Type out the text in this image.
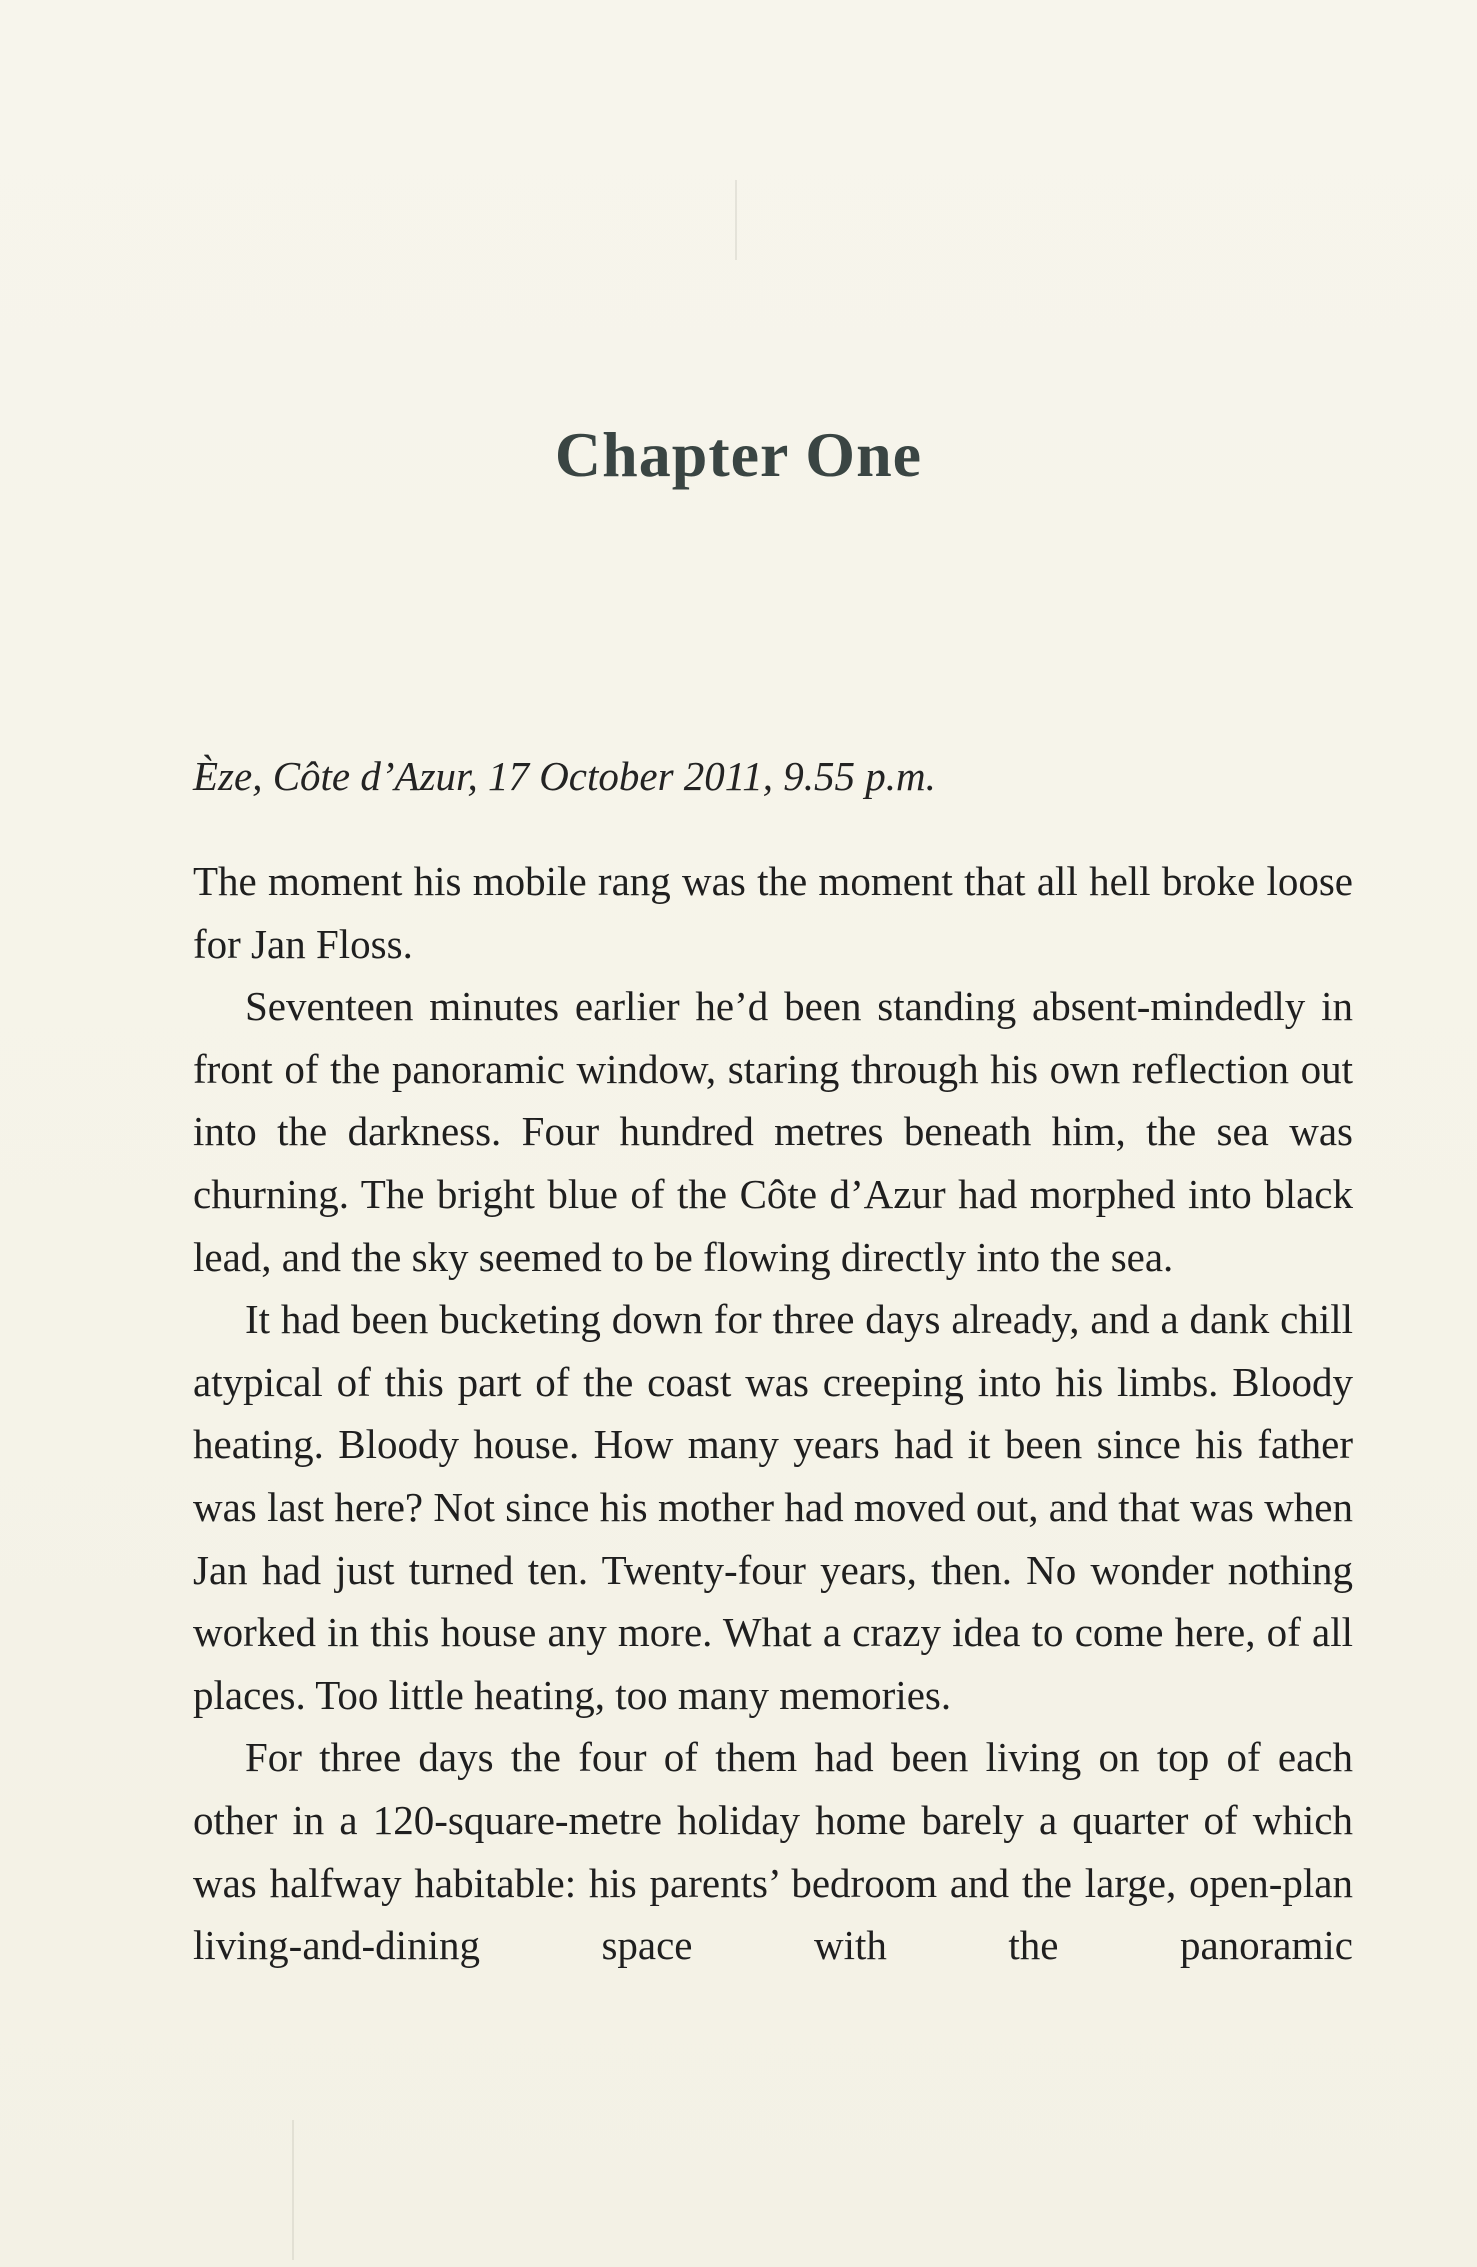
Chapter One
Èze, Côte d’Azur, 17 October 2011, 9.55 p.m.

The moment his mobile rang was the moment that all hell broke loose for Jan Floss.

Seventeen minutes earlier he’d been standing absent-mindedly in front of the panoramic window, staring through his own reflection out into the darkness. Four hundred metres beneath him, the sea was churning. The bright blue of the Côte d’Azur had morphed into black lead, and the sky seemed to be flowing directly into the sea.

It had been bucketing down for three days already, and a dank chill atypical of this part of the coast was creeping into his limbs. Bloody heating. Bloody house. How many years had it been since his father was last here? Not since his mother had moved out, and that was when Jan had just turned ten. Twenty-four years, then. No wonder nothing worked in this house any more. What a crazy idea to come here, of all places. Too little heating, too many memories.

For three days the four of them had been living on top of each other in a 120-square-metre holiday home barely a quarter of which was halfway habitable: his parents’ bedroom and the large, open-plan living-and-dining space with the panoramic
